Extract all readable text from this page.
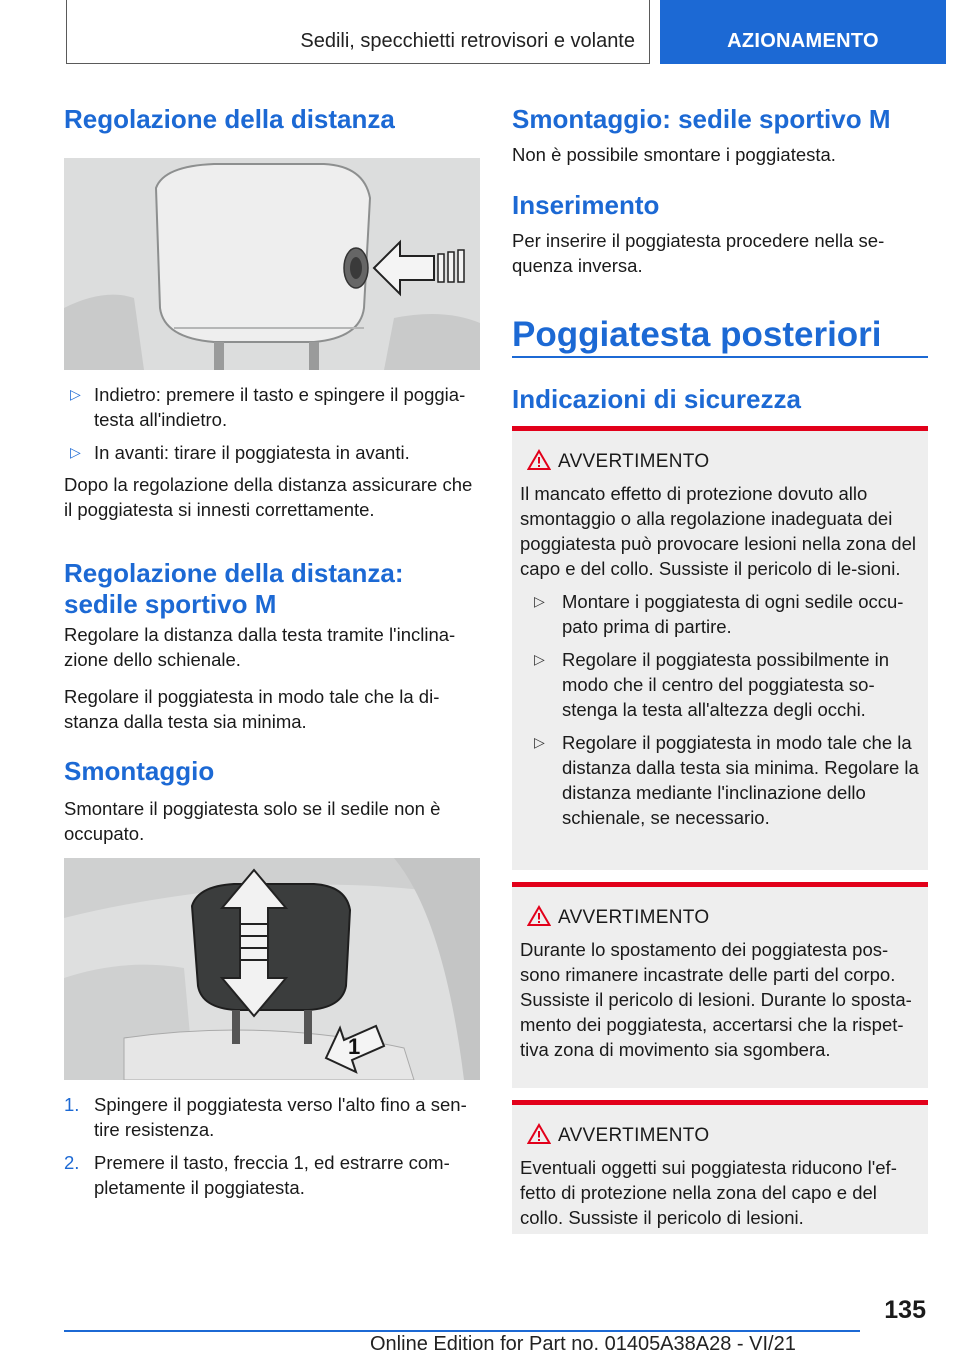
Sedili, specchietti retrovisori e volante	AZIONAMENTO
Regolazione della distanza
▷ Indietro: premere il tasto e spingere il poggia-testa all'indietro.
▷ In avanti: tirare il poggiatesta in avanti.

Dopo la regolazione della distanza assicurare che il poggiatesta si innesti correttamente.

Regolazione della distanza: sedile sportivo M

Regolare la distanza dalla testa tramite l'inclina-zione dello schienale.

Regolare il poggiatesta in modo tale che la di-stanza dalla testa sia minima.

Smontaggio

Smontare il poggiatesta solo se il sedile non è occupato.

1
1. Spingere il poggiatesta verso l'alto fino a sen-tire resistenza.
2. Premere il tasto, freccia 1, ed estrarre com-pletamente il poggiatesta.
Smontaggio: sedile sportivo M

Non è possibile smontare i poggiatesta.

Inserimento

Per inserire il poggiatesta procedere nella se-quenza inversa.

Poggiatesta posteriori
Indicazioni di sicurezza
AVVERTIMENTO

Il mancato effetto di protezione dovuto allo smontaggio o alla regolazione inadeguata dei poggiatesta può provocare lesioni nella zona del capo e del collo. Sussiste il pericolo di le-sioni.

▷ Montare i poggiatesta di ogni sedile occu-pato prima di partire.
▷ Regolare il poggiatesta possibilmente in modo che il centro del poggiatesta so-stenga la testa all'altezza degli occhi.
▷ Regolare il poggiatesta in modo tale che la distanza dalla testa sia minima. Regolare la distanza mediante l'inclinazione dello schienale, se necessario.
AVVERTIMENTO

Durante lo spostamento dei poggiatesta pos-sono rimanere incastrate delle parti del corpo. Sussiste il pericolo di lesioni. Durante lo sposta-mento dei poggiatesta, accertarsi che la rispet-tiva zona di movimento sia sgombera.

AVVERTIMENTO

Eventuali oggetti sui poggiatesta riducono l'ef-fetto di protezione nella zona del capo e del collo. Sussiste il pericolo di lesioni.

135
Online Edition for Part no. 01405A38A28 - VI/21
